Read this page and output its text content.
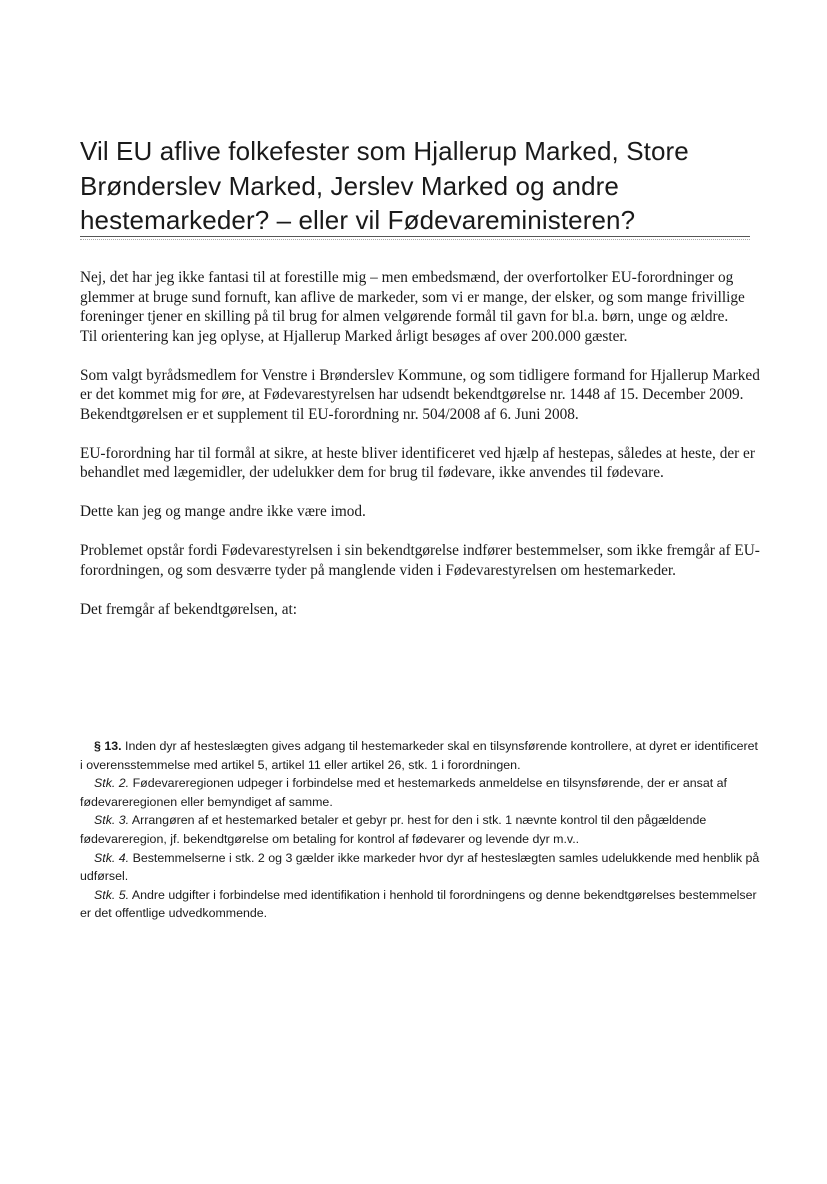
Vil EU aflive folkefester som Hjallerup Marked, Store
Brønderslev Marked, Jerslev Marked og andre
hestemarkeder? – eller vil Fødevareministeren?

Nej, det har jeg ikke fantasi til at forestille mig – men embedsmænd, der overfortolker EU-forordninger og glemmer at bruge sund fornuft, kan aflive de markeder, som vi er mange, der elsker, og som mange frivillige foreninger tjener en skilling på til brug for almen velgørende formål til gavn for bl.a. børn, unge og ældre.

Til orientering kan jeg oplyse, at Hjallerup Marked årligt besøges af over 200.000 gæster.

Som valgt byrådsmedlem for Venstre i Brønderslev Kommune, og som tidligere formand for Hjallerup Marked er det kommet mig for øre, at Fødevarestyrelsen har udsendt bekendtgørelse nr. 1448 af 15. December 2009. Bekendtgørelsen er et supplement til EU-forordning nr. 504/2008 af 6. Juni 2008.

EU-forordning har til formål at sikre, at heste bliver identificeret ved hjælp af hestepas, således at heste, der er behandlet med lægemidler, der udelukker dem for brug til fødevare, ikke anvendes til fødevare.

Dette kan jeg og mange andre ikke være imod.

Problemet opstår fordi Fødevarestyrelsen i sin bekendtgørelse indfører bestemmelser, som ikke fremgår af EU-forordningen, og som desværre tyder på manglende viden i Fødevarestyrelsen om hestemarkeder.

Det fremgår af bekendtgørelsen, at:

§ 13. Inden dyr af hesteslægten gives adgang til hestemarkeder skal en tilsynsførende kontrollere, at dyret er identificeret i overensstemmelse med artikel 5, artikel 11 eller artikel 26, stk. 1 i forordningen.

Stk. 2. Fødevareregionen udpeger i forbindelse med et hestemarkeds anmeldelse en tilsynsførende, der er ansat af fødevareregionen eller bemyndiget af samme.

Stk. 3. Arrangøren af et hestemarked betaler et gebyr pr. hest for den i stk. 1 nævnte kontrol til den pågældende fødevareregion, jf. bekendtgørelse om betaling for kontrol af fødevarer og levende dyr m.v..

Stk. 4. Bestemmelserne i stk. 2 og 3 gælder ikke markeder hvor dyr af hesteslægten samles udelukkende med henblik på udførsel.

Stk. 5. Andre udgifter i forbindelse med identifikation i henhold til forordningens og denne bekendtgørelses bestemmelser er det offentlige udvedkommende.
